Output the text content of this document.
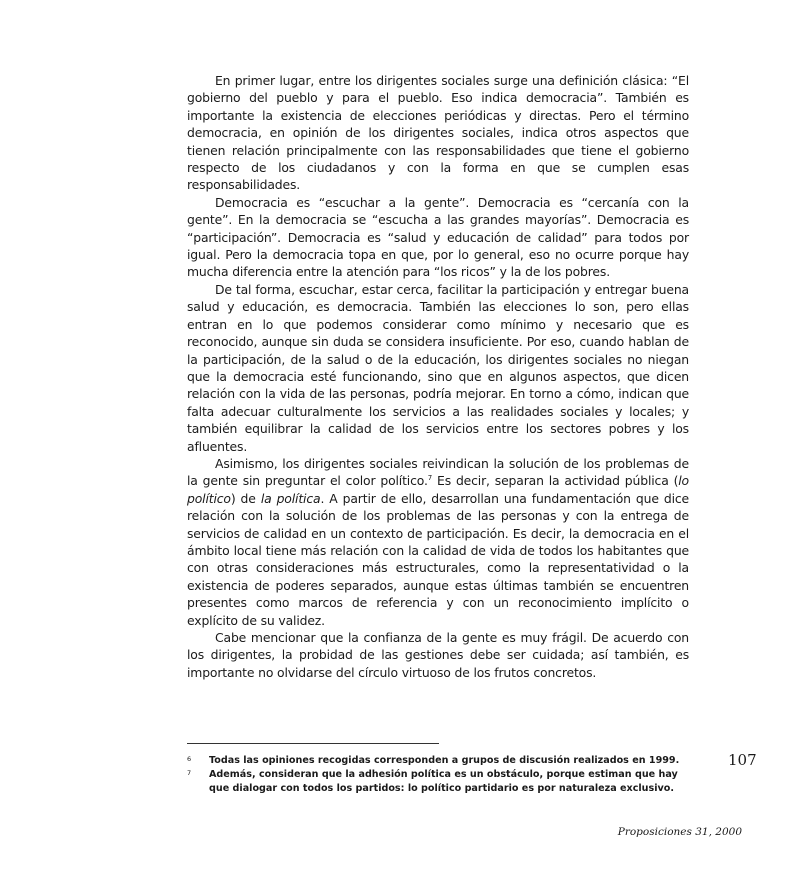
En primer lugar, entre los dirigentes sociales surge una definición clásica: “El gobierno del pueblo y para el pueblo. Eso indica democracia”. También es importante la existencia de elecciones periódicas y directas. Pero el término democracia, en opinión de los dirigentes sociales, indica otros aspectos que tienen relación principalmente con las responsabilidades que tiene el gobierno respecto de los ciudadanos y con la forma en que se cumplen esas responsabilidades.

Democracia es “escuchar a la gente”. Democracia es “cercanía con la gente”. En la democracia se “escucha a las grandes mayorías”. Democracia es “participación”. Democracia es “salud y educación de calidad” para todos por igual. Pero la democracia topa en que, por lo general, eso no ocurre porque hay mucha diferencia entre la atención para “los ricos” y la de los pobres.

De tal forma, escuchar, estar cerca, facilitar la participación y entregar buena salud y educación, es democracia. También las elecciones lo son, pero ellas entran en lo que podemos considerar como mínimo y necesario que es reconocido, aunque sin duda se considera insuficiente. Por eso, cuando hablan de la participación, de la salud o de la educación, los dirigentes sociales no niegan que la democracia esté funcionando, sino que en algunos aspectos, que dicen relación con la vida de las personas, podría mejorar. En torno a cómo, indican que falta adecuar culturalmente los servicios a las realidades sociales y locales; y también equilibrar la calidad de los servicios entre los sectores pobres y los afluentes.

Asimismo, los dirigentes sociales reivindican la solución de los problemas de la gente sin preguntar el color político.$^7$ Es decir, separan la actividad pública (lo político) de la política. A partir de ello, desarrollan una fundamentación que dice relación con la solución de los problemas de las personas y con la entrega de servicios de calidad en un contexto de participación. Es decir, la democracia en el ámbito local tiene más relación con la calidad de vida de todos los habitantes que con otras consideraciones más estructurales, como la representatividad o la existencia de poderes separados, aunque estas últimas también se encuentren presentes como marcos de referencia y con un reconocimiento implícito o explícito de su validez.

Cabe mencionar que la confianza de la gente es muy frágil. De acuerdo con los dirigentes, la probidad de las gestiones debe ser cuidada; así también, es importante no olvidarse del círculo virtuoso de los frutos concretos.

6	Todas las opiniones recogidas corresponden a grupos de discusión realizados en 1999.
7	Además, consideran que la adhesión política es un obstáculo, porque estiman que hay que dialogar con todos los partidos: lo político partidario es por naturaleza exclusivo.
107
Proposiciones 31, 2000
